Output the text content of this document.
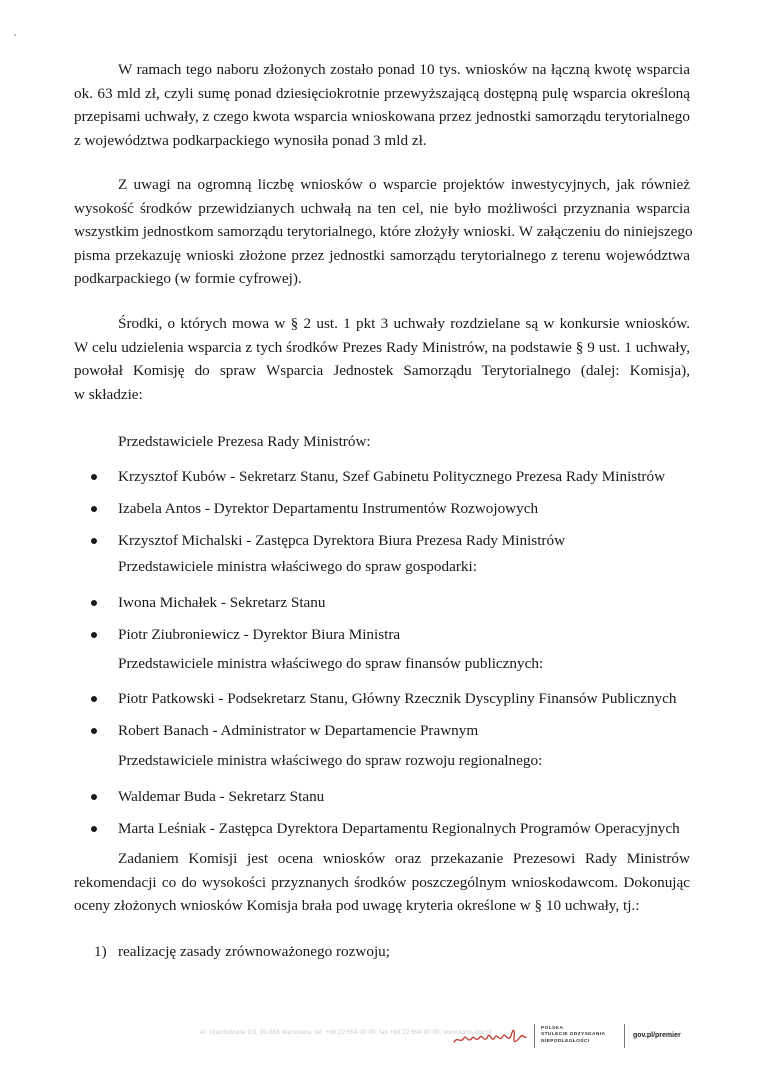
W ramach tego naboru złożonych zostało ponad 10 tys. wniosków na łączną kwotę wsparcia
ok. 63 mld zł, czyli sumę ponad dziesięciokrotnie przewyższającą dostępną pulę wsparcia określoną
przepisami uchwały, z czego kwota wsparcia wnioskowana przez jednostki samorządu terytorialnego
z województwa podkarpackiego wynosiła ponad 3 mld zł.
Z uwagi na ogromną liczbę wniosków o wsparcie projektów inwestycyjnych, jak również
wysokość środków przewidzianych uchwałą na ten cel, nie było możliwości przyznania wsparcia
wszystkim jednostkom samorządu terytorialnego, które złożyły wnioski. W załączeniu do niniejszego
pisma przekazuję wnioski złożone przez jednostki samorządu terytorialnego z terenu województwa
podkarpackiego (w formie cyfrowej).
Środki, o których mowa w § 2 ust. 1 pkt 3 uchwały rozdzielane są w konkursie wniosków.
W celu udzielenia wsparcia z tych środków Prezes Rady Ministrów, na podstawie § 9 ust. 1 uchwały,
powołał Komisję do spraw Wsparcia Jednostek Samorządu Terytorialnego (dalej: Komisja),
w składzie:

Przedstawiciele Prezesa Rady Ministrów:

Krzysztof Kubów - Sekretarz Stanu, Szef Gabinetu Politycznego Prezesa Rady Ministrów
Izabela Antos - Dyrektor Departamentu Instrumentów Rozwojowych
Krzysztof Michalski - Zastępca Dyrektora Biura Prezesa Rady Ministrów

Przedstawiciele ministra właściwego do spraw gospodarki:

Iwona Michałek - Sekretarz Stanu
Piotr Ziubroniewicz - Dyrektor Biura Ministra

Przedstawiciele ministra właściwego do spraw finansów publicznych:

Piotr Patkowski - Podsekretarz Stanu, Główny Rzecznik Dyscypliny Finansów Publicznych
Robert Banach - Administrator w Departamencie Prawnym

Przedstawiciele ministra właściwego do spraw rozwoju regionalnego:

Waldemar Buda - Sekretarz Stanu
Marta Leśniak - Zastępca Dyrektora Departamentu Regionalnych Programów Operacyjnych
Zadaniem Komisji jest ocena wniosków oraz przekazanie Prezesowi Rady Ministrów
rekomendacji co do wysokości przyznanych środków poszczególnym wnioskodawcom. Dokonując
oceny złożonych wniosków Komisja brała pod uwagę kryteria określone w § 10 uchwały, tj.:
1) realizację zasady zrównoważonego rozwoju;
Al. Ujazdowskie 1/3, 00-583 Warszawa, tel. +48 22 694 00 00, fax +48 22 694 00 00, www.kprm.gov.pl
POLSKA
STULECIE ODZYSKANIA
NIEPODLEGŁOŚCI
gov.pl/premier
